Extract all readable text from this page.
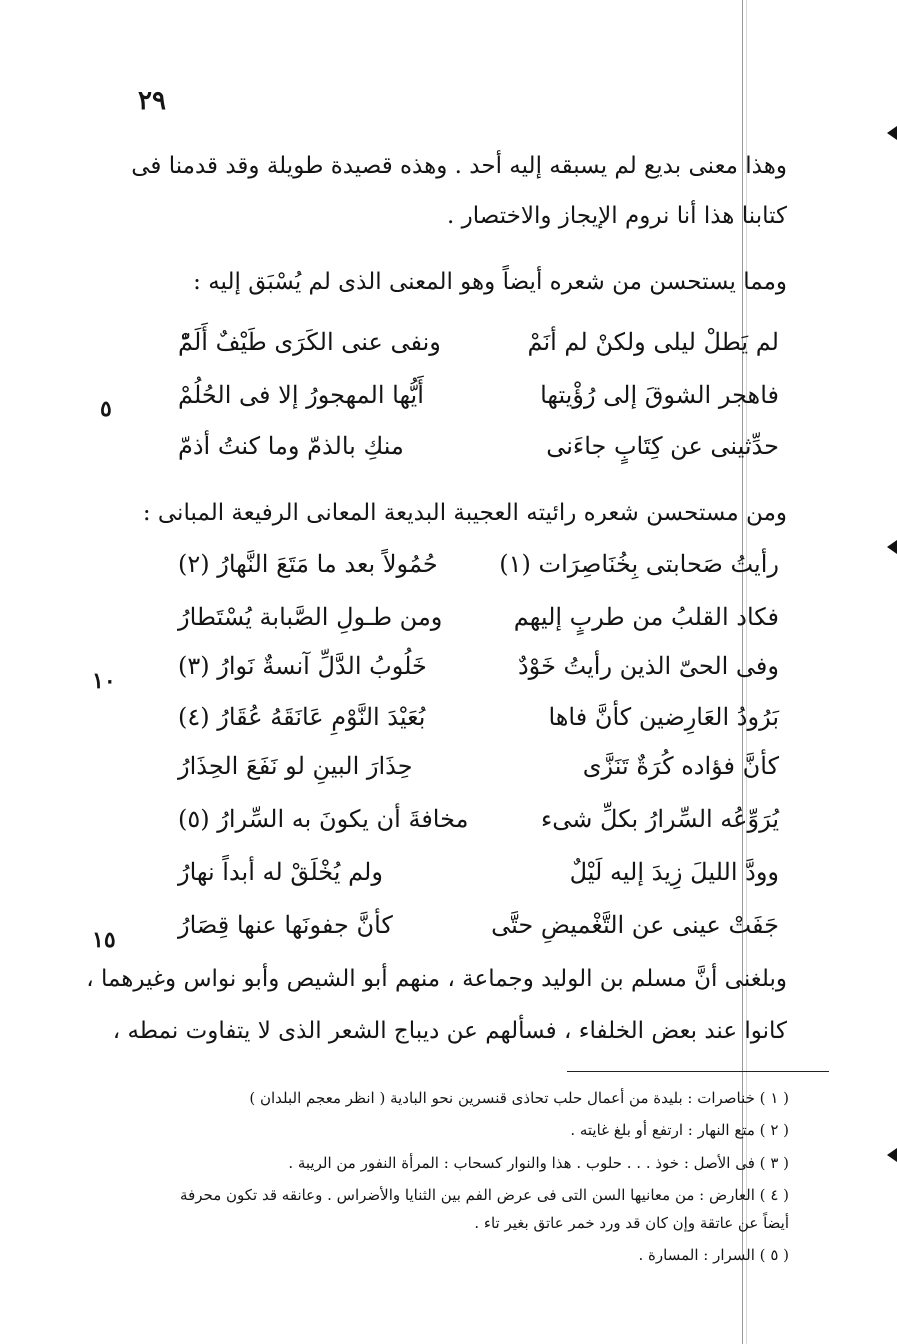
٢٩
٥
١٠
١٥
وهذا معنى بديع لم يسبقه إليه أحد . وهذه قصيدة طويلة وقد قدمنا فى
كتابنا هذا أنا نروم الإيجاز والاختصار .
ومما يستحسن من شعره أيضاً وهو المعنى الذى لم يُسْبَق إليه :
لم يَطلْ ليلى ولكنْ لم أنَمْ
ونفى عنى الكَرَى طَيْفٌ أَلَمّْ
فاهجر الشوقَ إلى رُؤْيتها
أَيُّها المهجورُ إلا فى الحُلُمْ
حدِّثينى عن كِتَابٍ جاءَنى
منكِ بالذمّ وما كنتُ أذمّ
ومن مستحسن شعره رائيته العجيبة البديعة المعانى الرفيعة المبانى :
رأيتُ صَحابتى بِخُنَاصِرَات (١)
حُمُولاً بعد ما مَتَعَ النَّهارُ (٢)
فكاد القلبُ من طربٍ إليهم
ومن طـولِ الصَّبابة يُسْتَطارُ
وفى الحىّ الذين رأيتُ خَوْدٌ
خَلُوبُ الدَّلِّ آنسةٌ نَوارُ (٣)
بَرُودُ العَارِضين كأنَّ فاها
بُعَيْدَ النَّوْمِ عَانَقَهُ عُقَارُ (٤)
كأنَّ فؤاده كُرَةٌ تَنَزَّى
حِذَارَ البينِ لو نَفَعَ الحِذَارُ
يُرَوِّعُه السِّرارُ بكلِّ شىء
مخافةَ أن يكونَ به السِّرارُ (٥)
وودَّ الليلَ زِيدَ إليه لَيْلٌ
ولم يُخْلَقْ له أبداً نهارُ
جَفَتْ عينى عن التَّغْميضِ حتَّى
كأنَّ جفونَها عنها قِصَارُ
وبلغنى أنَّ مسلم بن الوليد وجماعة ، منهم أبو الشيص وأبو نواس وغيرهما ،
كانوا عند بعض الخلفاء ، فسألهم عن ديباج الشعر الذى لا يتفاوت نمطه ،
( ١ ) خناصرات : بليدة من أعمال حلب تحاذى قنسرين نحو البادية ( انظر معجم البلدان )
( ٢ ) متع النهار : ارتفع أو بلغ غايته .
( ٣ ) فى الأصل : خوذ . . . حلوب . هذا والنوار كسحاب : المرأة النفور من الريبة .
( ٤ ) العارض : من معانيها السن التى فى عرض الفم بين الثنايا والأضراس . وعانقه قد تكون محرفة
أيضاً عن عاتقة وإن كان قد ورد خمر عاتق بغير تاء .
( ٥ ) السرار : المسارة .
